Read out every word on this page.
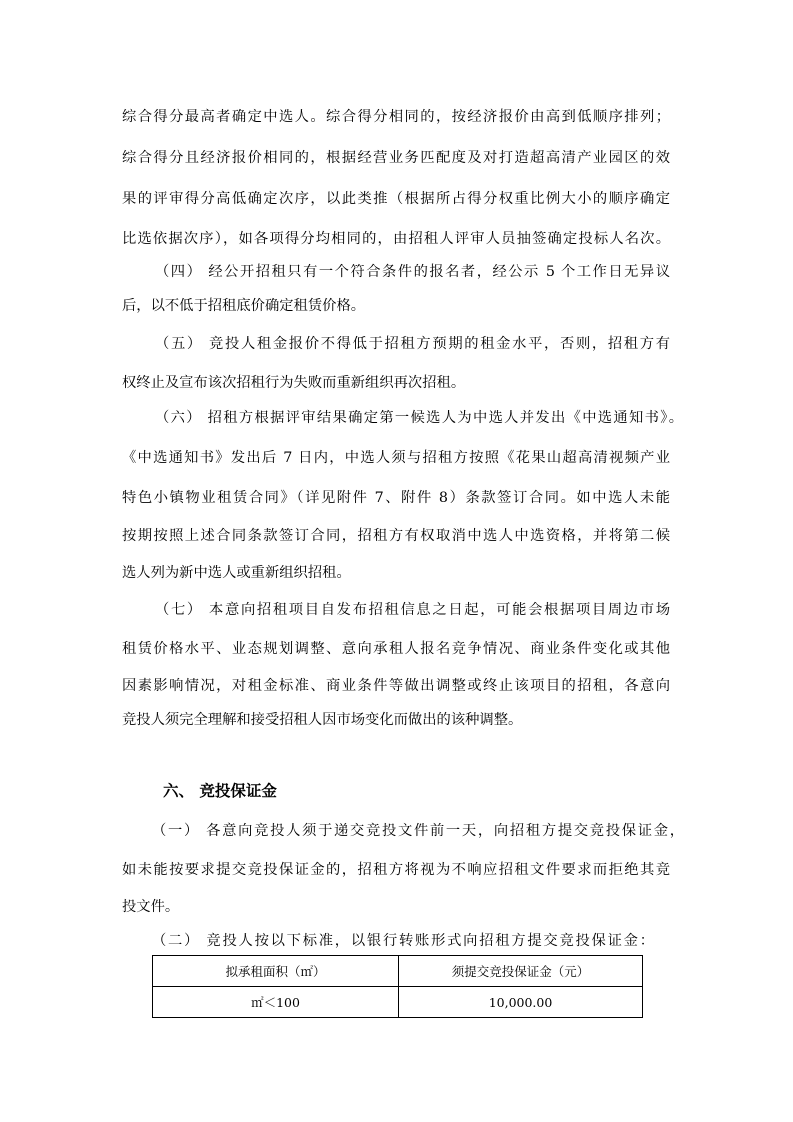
综合得分最高者确定中选人。综合得分相同的，按经济报价由高到低顺序排列；
综合得分且经济报价相同的，根据经营业务匹配度及对打造超高清产业园区的效
果的评审得分高低确定次序，以此类推（根据所占得分权重比例大小的顺序确定
比选依据次序），如各项得分均相同的，由招租人评审人员抽签确定投标人名次。
（四） 经公开招租只有一个符合条件的报名者，经公示 5 个工作日无异议
后，以不低于招租底价确定租赁价格。
（五） 竞投人租金报价不得低于招租方预期的租金水平，否则，招租方有
权终止及宣布该次招租行为失败而重新组织再次招租。
（六） 招租方根据评审结果确定第一候选人为中选人并发出《中选通知书》。
《中选通知书》发出后 7 日内，中选人须与招租方按照《花果山超高清视频产业
特色小镇物业租赁合同》（详见附件 7、附件 8）条款签订合同。如中选人未能
按期按照上述合同条款签订合同，招租方有权取消中选人中选资格，并将第二候
选人列为新中选人或重新组织招租。
（七） 本意向招租项目自发布招租信息之日起，可能会根据项目周边市场
租赁价格水平、业态规划调整、意向承租人报名竞争情况、商业条件变化或其他
因素影响情况，对租金标准、商业条件等做出调整或终止该项目的招租，各意向
竞投人须完全理解和接受招租人因市场变化而做出的该种调整。
六、 竞投保证金
（一） 各意向竞投人须于递交竞投文件前一天，向招租方提交竞投保证金，
如未能按要求提交竞投保证金的，招租方将视为不响应招租文件要求而拒绝其竞
投文件。
（二） 竞投人按以下标准，以银行转账形式向招租方提交竞投保证金：
拟承租面积（㎡）	须提交竞投保证金（元）
㎡＜100	10,000.00
